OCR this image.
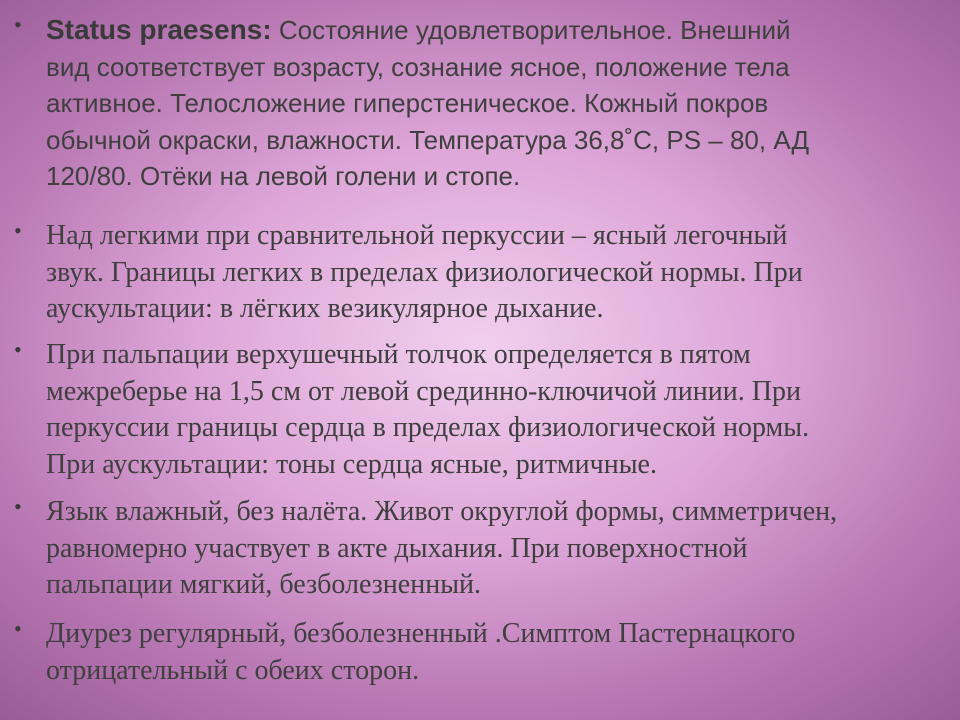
• Status praesens: Состояние удовлетворительное. Внешний
вид соответствует возрасту, сознание ясное, положение тела
активное. Телосложение гиперстеническое. Кожный покров
обычной окраски, влажности. Температура 36,8˚C, PS – 80, АД
120/80. Отёки на левой голени и стопе.
• Над легкими при сравнительной перкуссии – ясный легочный
звук. Границы легких в пределах физиологической нормы. При
аускультации: в лёгких везикулярное дыхание.
• При пальпации верхушечный толчок определяется в пятом
межреберье на 1,5 см от левой срединно-ключичой линии. При
перкуссии границы сердца в пределах физиологической нормы.
При аускультации: тоны сердца ясные, ритмичные.
• Язык влажный, без налёта. Живот округлой формы, симметричен,
равномерно участвует в акте дыхания. При поверхностной
пальпации мягкий, безболезненный.
• Диурез регулярный, безболезненный .Симптом Пастернацкого
отрицательный с обеих сторон.
